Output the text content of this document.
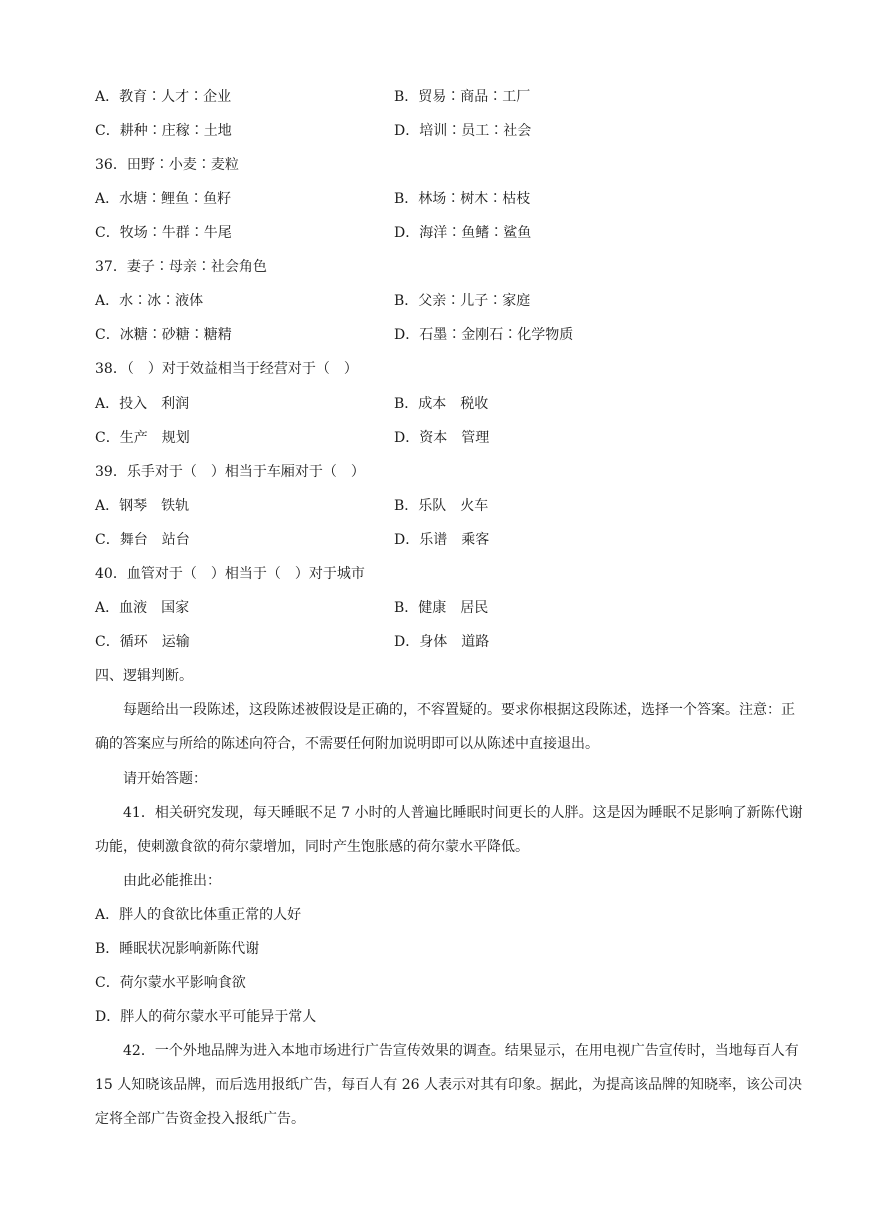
A．教育∶人才∶企业	B．贸易∶商品∶工厂
C．耕种∶庄稼∶土地	D．培训∶员工∶社会
36．田野∶小麦∶麦粒
A．水塘∶鲤鱼∶鱼籽	B．林场∶树木∶枯枝
C．牧场∶牛群∶牛尾	D．海洋∶鱼鳍∶鲨鱼
37．妻子∶母亲∶社会角色
A．水∶冰∶液体	B．父亲∶儿子∶家庭
C．冰糖∶砂糖∶糖精	D．石墨∶金刚石∶化学物质
38．（　）对于效益相当于经营对于（　）
A．投入　利润	B．成本　税收
C．生产　规划	D．资本　管理
39．乐手对于（　）相当于车厢对于（　）
A．钢琴　铁轨	B．乐队　火车
C．舞台　站台	D．乐谱　乘客
40．血管对于（　）相当于（　）对于城市
A．血液　国家	B．健康　居民
C．循环　运输	D．身体　道路
四、逻辑判断。
每题给出一段陈述，这段陈述被假设是正确的，不容置疑的。要求你根据这段陈述，选择一个答案。注意：正确的答案应与所给的陈述向符合，不需要任何附加说明即可以从陈述中直接退出。
请开始答题：
41．相关研究发现，每天睡眠不足 7 小时的人普遍比睡眠时间更长的人胖。这是因为睡眠不足影响了新陈代谢功能，使刺激食欲的荷尔蒙增加，同时产生饱胀感的荷尔蒙水平降低。
由此必能推出：
A．胖人的食欲比体重正常的人好
B．睡眠状况影响新陈代谢
C．荷尔蒙水平影响食欲
D．胖人的荷尔蒙水平可能异于常人
42．一个外地品牌为进入本地市场进行广告宣传效果的调查。结果显示，在用电视广告宣传时，当地每百人有 15 人知晓该品牌，而后选用报纸广告，每百人有 26 人表示对其有印象。据此，为提高该品牌的知晓率，该公司决定将全部广告资金投入报纸广告。
